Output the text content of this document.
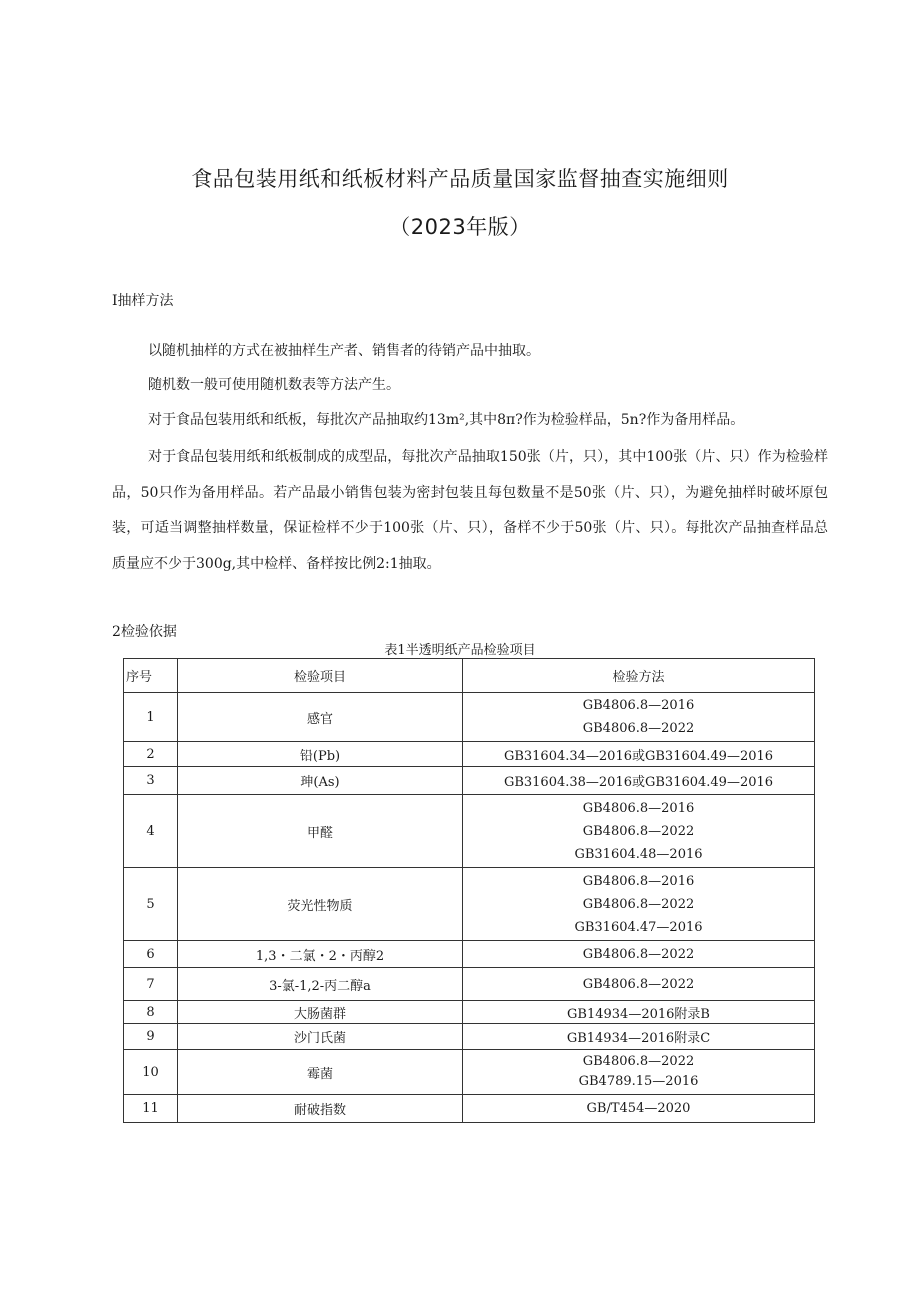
食品包装用纸和纸板材料产品质量国家监督抽查实施细则
（2023年版）
I抽样方法
以随机抽样的方式在被抽样生产者、销售者的待销产品中抽取。
随机数一般可使用随机数表等方法产生。
对于食品包装用纸和纸板，每批次产品抽取约13m²,其中8π?作为检验样品，5n?作为备用样品。
对于食品包装用纸和纸板制成的成型品，每批次产品抽取150张（片，只），其中100张（片、只）作为检验样品，50只作为备用样品。若产品最小销售包装为密封包装且每包数量不是50张（片、只），为避免抽样时破坏原包装，可适当调整抽样数量，保证检样不少于100张（片、只），备样不少于50张（片、只）。每批次产品抽查样品总质量应不少于300g,其中检样、备样按比例2:1抽取。
2检验依据
表1半透明纸产品检验项目
序号	检验项目	检验方法
1	感官	GB4806.8—2016
GB4806.8—2022

2	铅(Pb)	GB31604.34—2016或GB31604.49—2016
3	珅(As)	GB31604.38—2016或GB31604.49—2016
4	甲醛	GB4806.8—2016
GB4806.8—2022
GB31604.48—2016

5	荧光性物质	GB4806.8—2016
GB4806.8—2022
GB31604.47—2016

6	1,3・二氯・2・丙醇2	GB4806.8—2022
7	3-氯-1,2-丙二醇a	GB4806.8—2022
8	大肠菌群	GB14934—2016附录B
9	沙门氏菌	GB14934—2016附录C
10	霉菌	GB4806.8—2022
GB4789.15—2016

11	耐破指数	GB/T454—2020
